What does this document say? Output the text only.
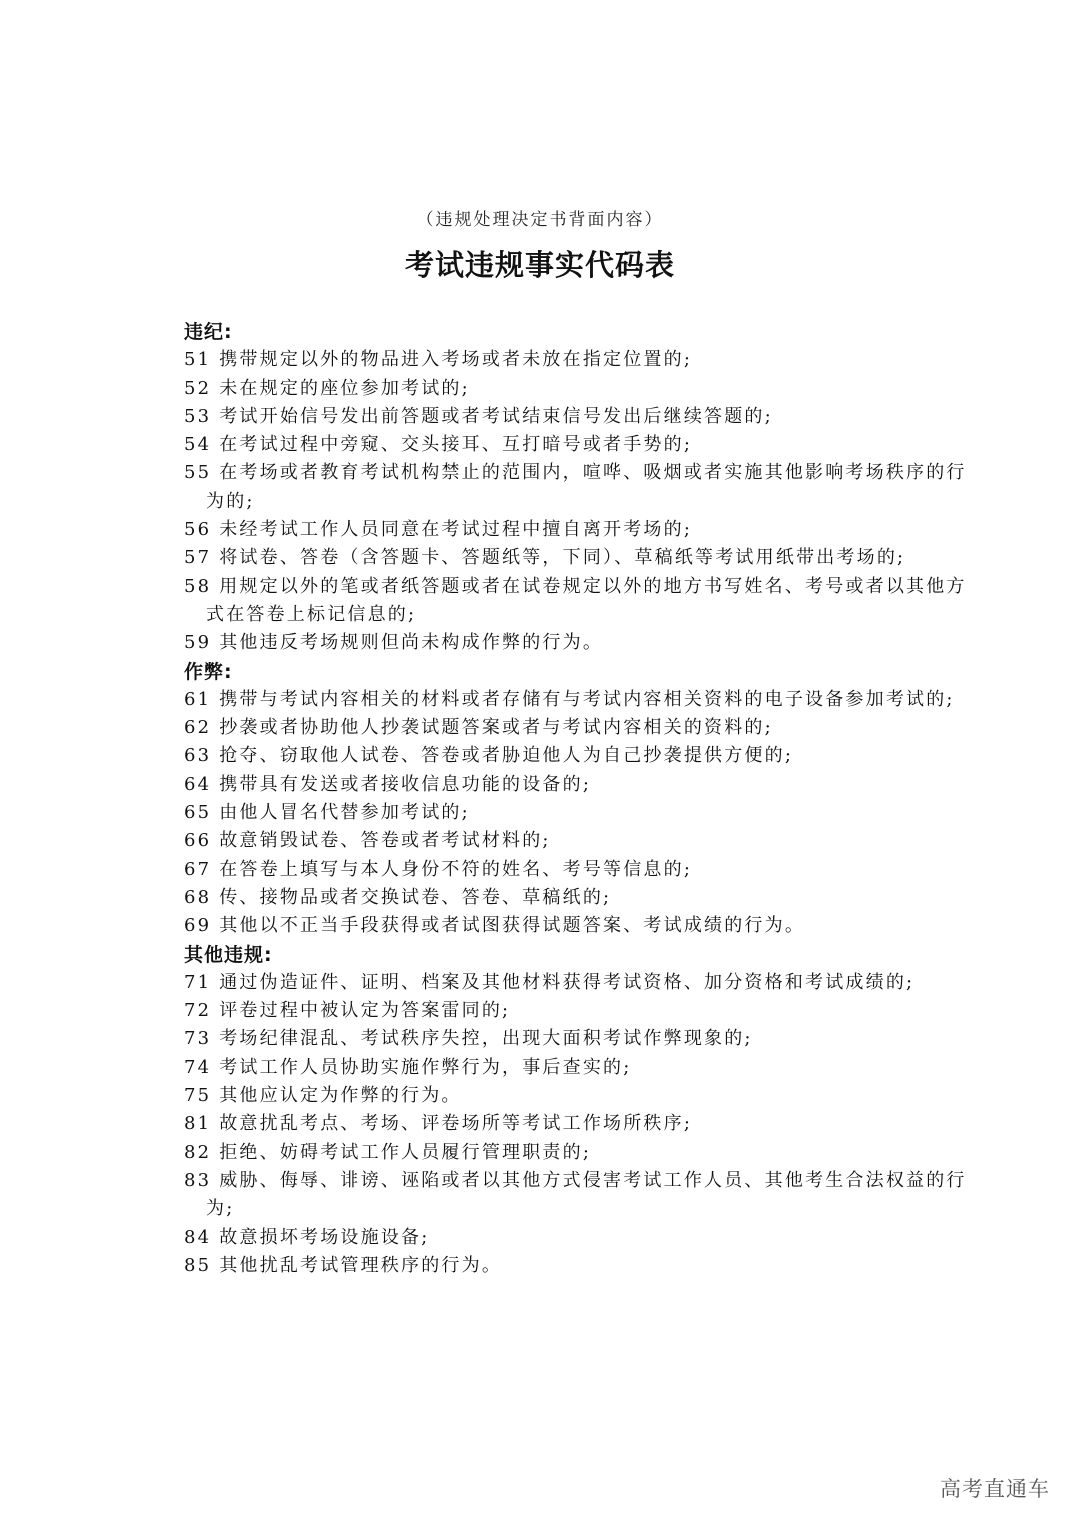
（违规处理决定书背面内容）
考试违规事实代码表
违纪:
51 携带规定以外的物品进入考场或者未放在指定位置的;
52 未在规定的座位参加考试的;
53 考试开始信号发出前答题或者考试结束信号发出后继续答题的;
54 在考试过程中旁窥、交头接耳、互打暗号或者手势的;
55 在考场或者教育考试机构禁止的范围内，喧哗、吸烟或者实施其他影响考场秩序的行
为的;
56 未经考试工作人员同意在考试过程中擅自离开考场的;
57 将试卷、答卷（含答题卡、答题纸等，下同）、草稿纸等考试用纸带出考场的;
58 用规定以外的笔或者纸答题或者在试卷规定以外的地方书写姓名、考号或者以其他方
式在答卷上标记信息的;
59 其他违反考场规则但尚未构成作弊的行为。
作弊:
61 携带与考试内容相关的材料或者存储有与考试内容相关资料的电子设备参加考试的;
62 抄袭或者协助他人抄袭试题答案或者与考试内容相关的资料的;
63 抢夺、窃取他人试卷、答卷或者胁迫他人为自己抄袭提供方便的;
64 携带具有发送或者接收信息功能的设备的;
65 由他人冒名代替参加考试的;
66 故意销毁试卷、答卷或者考试材料的;
67 在答卷上填写与本人身份不符的姓名、考号等信息的;
68 传、接物品或者交换试卷、答卷、草稿纸的;
69 其他以不正当手段获得或者试图获得试题答案、考试成绩的行为。
其他违规:
71 通过伪造证件、证明、档案及其他材料获得考试资格、加分资格和考试成绩的;
72 评卷过程中被认定为答案雷同的;
73 考场纪律混乱、考试秩序失控，出现大面积考试作弊现象的;
74 考试工作人员协助实施作弊行为，事后查实的;
75 其他应认定为作弊的行为。
81 故意扰乱考点、考场、评卷场所等考试工作场所秩序;
82 拒绝、妨碍考试工作人员履行管理职责的;
83 威胁、侮辱、诽谤、诬陷或者以其他方式侵害考试工作人员、其他考生合法权益的行
为;
84 故意损坏考场设施设备;
85 其他扰乱考试管理秩序的行为。
高考直通车
